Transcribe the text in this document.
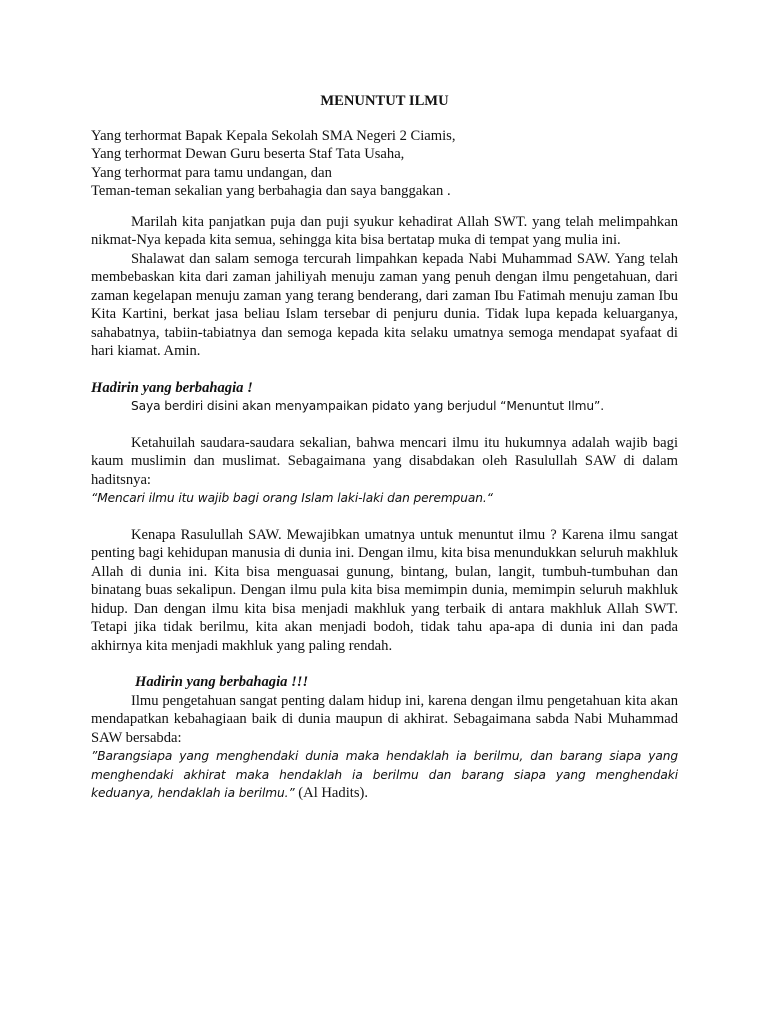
MENUNTUT ILMU
Yang terhormat Bapak Kepala Sekolah SMA Negeri 2 Ciamis,
Yang terhormat Dewan Guru beserta Staf Tata Usaha,
Yang terhormat para tamu undangan, dan
Teman-teman sekalian yang berbahagia dan saya banggakan .

Marilah kita panjatkan puja dan puji syukur kehadirat Allah SWT. yang telah melimpahkan nikmat-Nya kepada kita semua, sehingga kita bisa bertatap muka di tempat yang mulia ini.

Shalawat dan salam semoga tercurah limpahkan kepada Nabi Muhammad SAW. Yang telah membebaskan kita dari zaman jahiliyah menuju zaman yang penuh dengan ilmu pengetahuan, dari zaman kegelapan menuju zaman yang terang benderang, dari zaman Ibu Fatimah menuju zaman Ibu Kita Kartini, berkat jasa beliau Islam tersebar di penjuru dunia. Tidak lupa kepada keluarganya, sahabatnya, tabiin-tabiatnya dan semoga kepada kita selaku umatnya semoga mendapat syafaat di hari kiamat. Amin.

Hadirin yang berbahagia !

Saya berdiri disini akan menyampaikan pidato yang berjudul “Menuntut Ilmu”.

Ketahuilah saudara-saudara sekalian, bahwa mencari ilmu itu hukumnya adalah wajib bagi kaum muslimin dan muslimat. Sebagaimana yang disabdakan oleh Rasulullah SAW di dalam haditsnya:

“Mencari ilmu itu wajib bagi orang Islam laki-laki dan perempuan.“

Kenapa Rasulullah SAW. Mewajibkan umatnya untuk menuntut ilmu ? Karena ilmu sangat penting bagi kehidupan manusia di dunia ini. Dengan ilmu, kita bisa menundukkan seluruh makhluk Allah di dunia ini. Kita bisa menguasai gunung, bintang, bulan, langit, tumbuh-tumbuhan dan binatang buas sekalipun. Dengan ilmu pula kita bisa memimpin dunia, memimpin seluruh makhluk hidup. Dan dengan ilmu kita bisa menjadi makhluk yang terbaik di antara makhluk Allah SWT. Tetapi jika tidak berilmu, kita akan menjadi bodoh, tidak tahu apa-apa di dunia ini dan pada akhirnya kita menjadi makhluk yang paling rendah.

Hadirin yang berbahagia !!!

Ilmu pengetahuan sangat penting dalam hidup ini, karena dengan ilmu pengetahuan kita akan mendapatkan kebahagiaan baik di dunia maupun di akhirat. Sebagaimana sabda Nabi Muhammad SAW bersabda:

”Barangsiapa yang menghendaki dunia maka hendaklah ia berilmu, dan barang siapa yang menghendaki akhirat maka hendaklah ia berilmu dan barang siapa yang menghendaki keduanya, hendaklah ia berilmu.” (Al Hadits).
